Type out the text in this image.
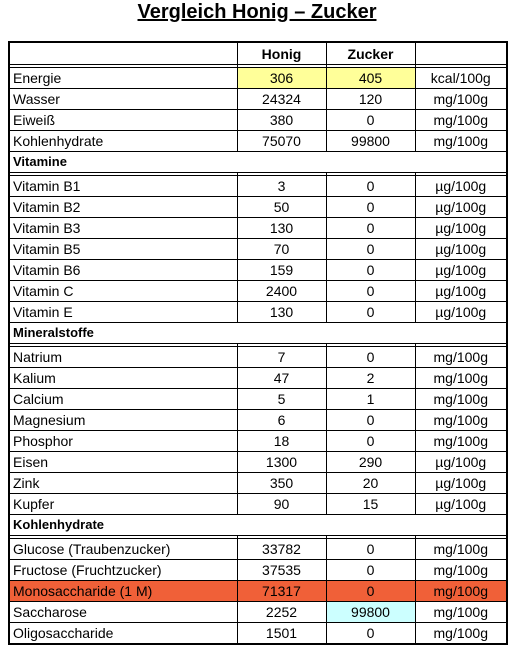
Vergleich Honig – Zucker
	Honig	Zucker	

Energie	306	405	kcal/100g
Wasser	24324	120	mg/100g
Eiweiß	380	0	mg/100g
Kohlenhydrate	75070	99800	mg/100g
Vitamine			

Vitamin B1	3	0	µg/100g
Vitamin B2	50	0	µg/100g
Vitamin B3	130	0	µg/100g
Vitamin B5	70	0	µg/100g
Vitamin B6	159	0	µg/100g
Vitamin C	2400	0	µg/100g
Vitamin E	130	0	µg/100g
Mineralstoffe			

Natrium	7	0	mg/100g
Kalium	47	2	mg/100g
Calcium	5	1	mg/100g
Magnesium	6	0	mg/100g
Phosphor	18	0	mg/100g
Eisen	1300	290	µg/100g
Zink	350	20	µg/100g
Kupfer	90	15	µg/100g
Kohlenhydrate			

Glucose (Traubenzucker)	33782	0	mg/100g
Fructose (Fruchtzucker)	37535	0	mg/100g
Monosaccharide (1 M)	71317	0	mg/100g
Saccharose	2252	99800	mg/100g
Oligosaccharide	1501	0	mg/100g
